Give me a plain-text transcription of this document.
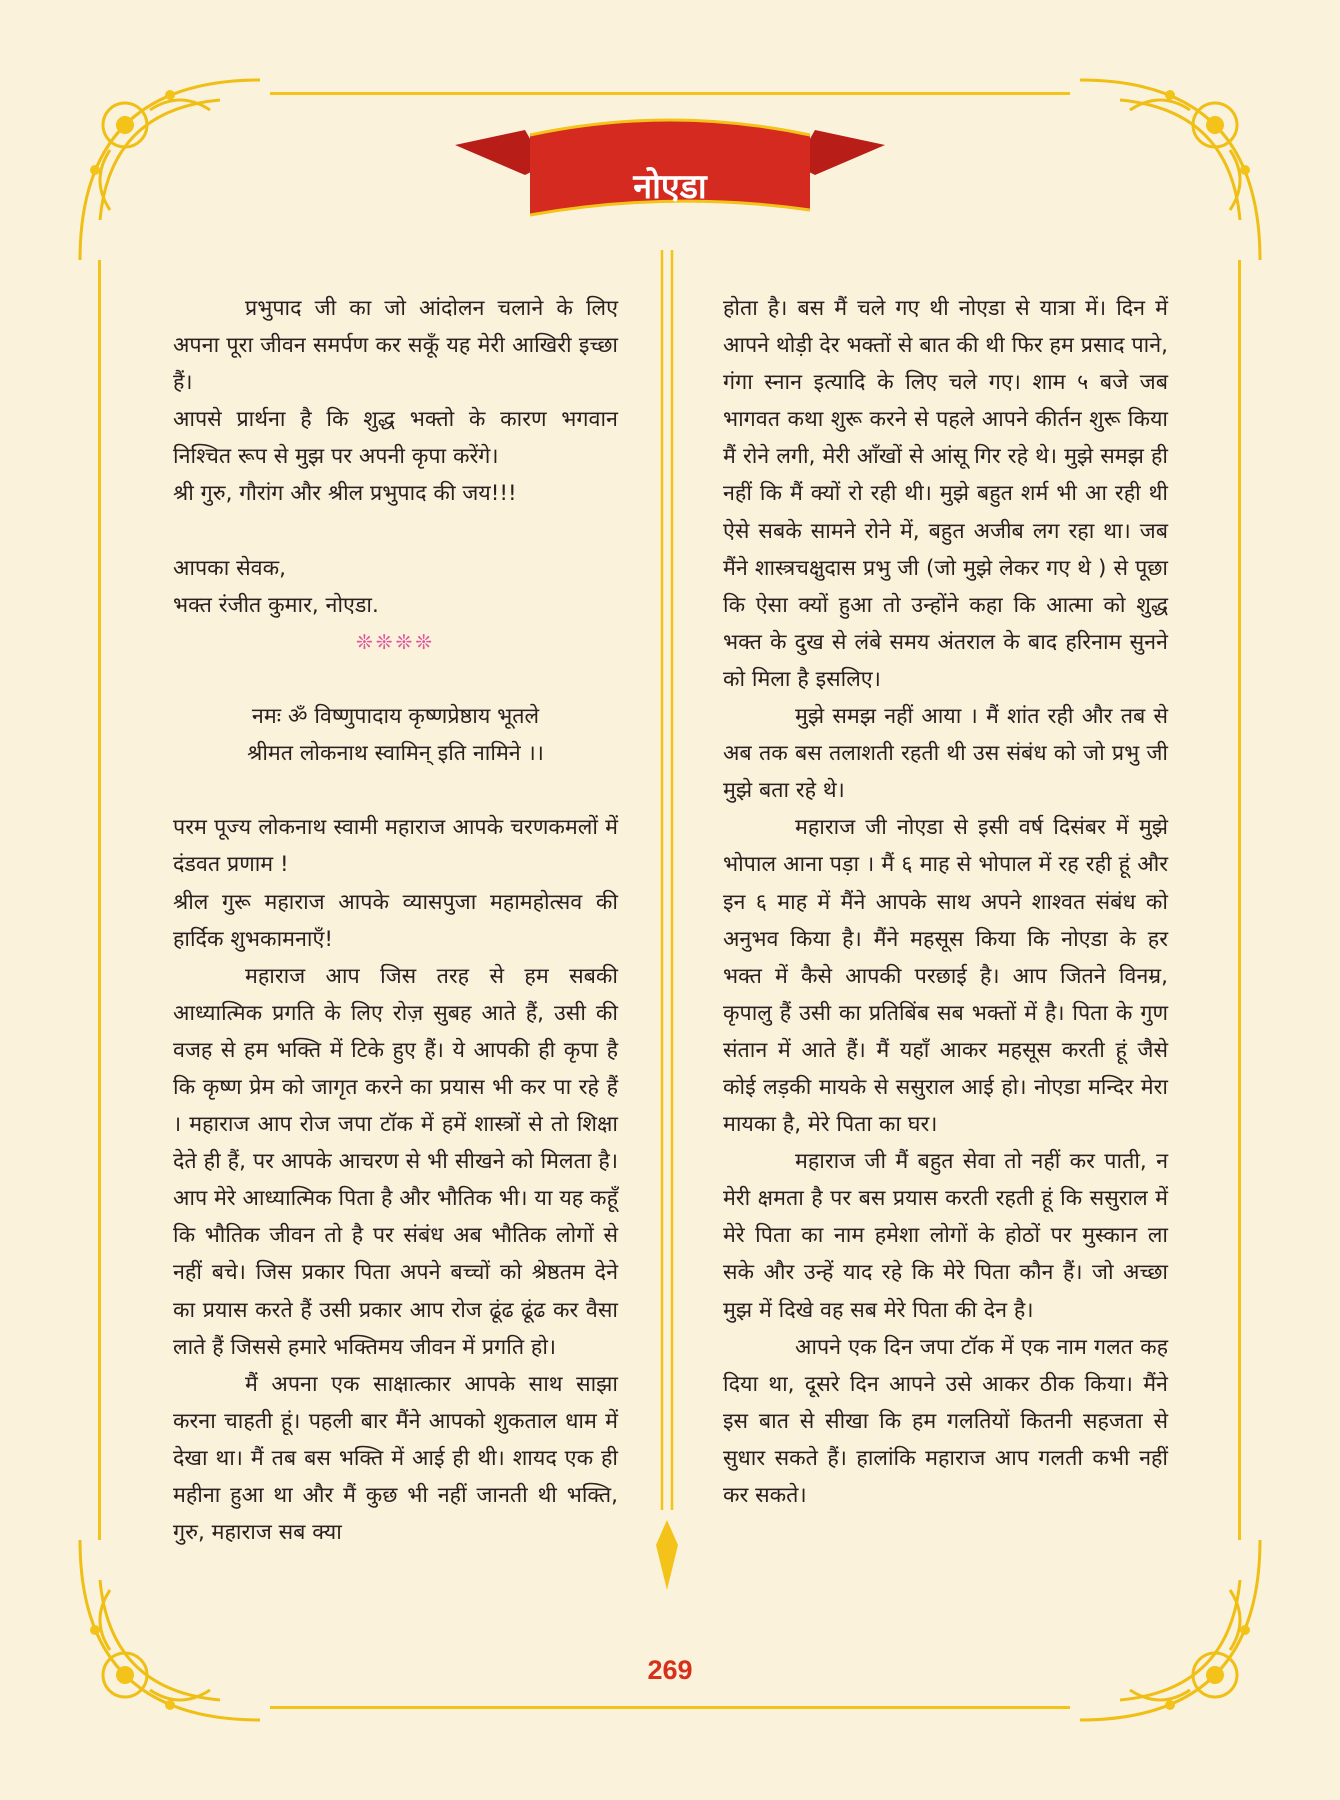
नोएडा

प्रभुपाद जी का जो आंदोलन चलाने के लिए अपना पूरा जीवन समर्पण कर सकूँ यह मेरी आखिरी इच्छा हैं।

आपसे प्रार्थना है कि शुद्ध भक्तो के कारण भगवान निश्चित रूप से मुझ पर अपनी कृपा करेंगे।

श्री गुरु, गौरांग और श्रील प्रभुपाद की जय!!!

आपका सेवक,

भक्त रंजीत कुमार, नोएडा.

❊❊❊❊

नमः ॐ विष्णुपादाय कृष्णप्रेष्ठाय भूतले

श्रीमत लोकनाथ स्वामिन् इति नामिने ।।

परम पूज्य लोकनाथ स्वामी महाराज आपके चरणकमलों में दंडवत प्रणाम !

श्रील गुरू महाराज आपके व्यासपुजा महामहोत्सव की हार्दिक शुभकामनाएँ!

महाराज आप जिस तरह से हम सबकी आध्यात्मिक प्रगति के लिए रोज़ सुबह आते हैं, उसी की वजह से हम भक्ति में टिके हुए हैं। ये आपकी ही कृपा है कि कृष्ण प्रेम को जागृत करने का प्रयास भी कर पा रहे हैं । महाराज आप रोज जपा टॉक में हमें शास्त्रों से तो शिक्षा देते ही हैं, पर आपके आचरण से भी सीखने को मिलता है। आप मेरे आध्यात्मिक पिता है और भौतिक भी। या यह कहूँ कि भौतिक जीवन तो है पर संबंध अब भौतिक लोगों से नहीं बचे। जिस प्रकार पिता अपने बच्चों को श्रेष्ठतम देने का प्रयास करते हैं उसी प्रकार आप रोज ढूंढ ढूंढ कर वैसा लाते हैं जिससे हमारे भक्तिमय जीवन में प्रगति हो।

मैं अपना एक साक्षात्कार आपके साथ साझा करना चाहती हूं। पहली बार मैंने आपको शुकताल धाम में देखा था। मैं तब बस भक्ति में आई ही थी। शायद एक ही महीना हुआ था और मैं कुछ भी नहीं जानती थी भक्ति, गुरु, महाराज सब क्या

होता है। बस मैं चले गए थी नोएडा से यात्रा में। दिन में आपने थोड़ी देर भक्तों से बात की थी फिर हम प्रसाद पाने, गंगा स्नान इत्यादि के लिए चले गए। शाम ५ बजे जब भागवत कथा शुरू करने से पहले आपने कीर्तन शुरू किया मैं रोने लगी, मेरी आँखों से आंसू गिर रहे थे। मुझे समझ ही नहीं कि मैं क्यों रो रही थी। मुझे बहुत शर्म भी आ रही थी ऐसे सबके सामने रोने में, बहुत अजीब लग रहा था। जब मैंने शास्त्रचक्षुदास प्रभु जी (जो मुझे लेकर गए थे ) से पूछा कि ऐसा क्यों हुआ तो उन्होंने कहा कि आत्मा को शुद्ध भक्त के दुख से लंबे समय अंतराल के बाद हरिनाम सुनने को मिला है इसलिए।

मुझे समझ नहीं आया । मैं शांत रही और तब से अब तक बस तलाशती रहती थी उस संबंध को जो प्रभु जी मुझे बता रहे थे।

महाराज जी नोएडा से इसी वर्ष दिसंबर में मुझे भोपाल आना पड़ा । मैं ६ माह से भोपाल में रह रही हूं और इन ६ माह में मैंने आपके साथ अपने शाश्वत संबंध को अनुभव किया है। मैंने महसूस किया कि नोएडा के हर भक्त में कैसे आपकी परछाई है। आप जितने विनम्र, कृपालु हैं उसी का प्रतिबिंब सब भक्तों में है। पिता के गुण संतान में आते हैं। मैं यहाँ आकर महसूस करती हूं जैसे कोई लड़की मायके से ससुराल आई हो। नोएडा मन्दिर मेरा मायका है, मेरे पिता का घर।

महाराज जी मैं बहुत सेवा तो नहीं कर पाती, न मेरी क्षमता है पर बस प्रयास करती रहती हूं कि ससुराल में मेरे पिता का नाम हमेशा लोगों के होठों पर मुस्कान ला सके और उन्हें याद रहे कि मेरे पिता कौन हैं। जो अच्छा मुझ में दिखे वह सब मेरे पिता की देन है।

आपने एक दिन जपा टॉक में एक नाम गलत कह दिया था, दूसरे दिन आपने उसे आकर ठीक किया। मैंने इस बात से सीखा कि हम गलतियों कितनी सहजता से सुधार सकते हैं। हालांकि महाराज आप गलती कभी नहीं कर सकते।

269
